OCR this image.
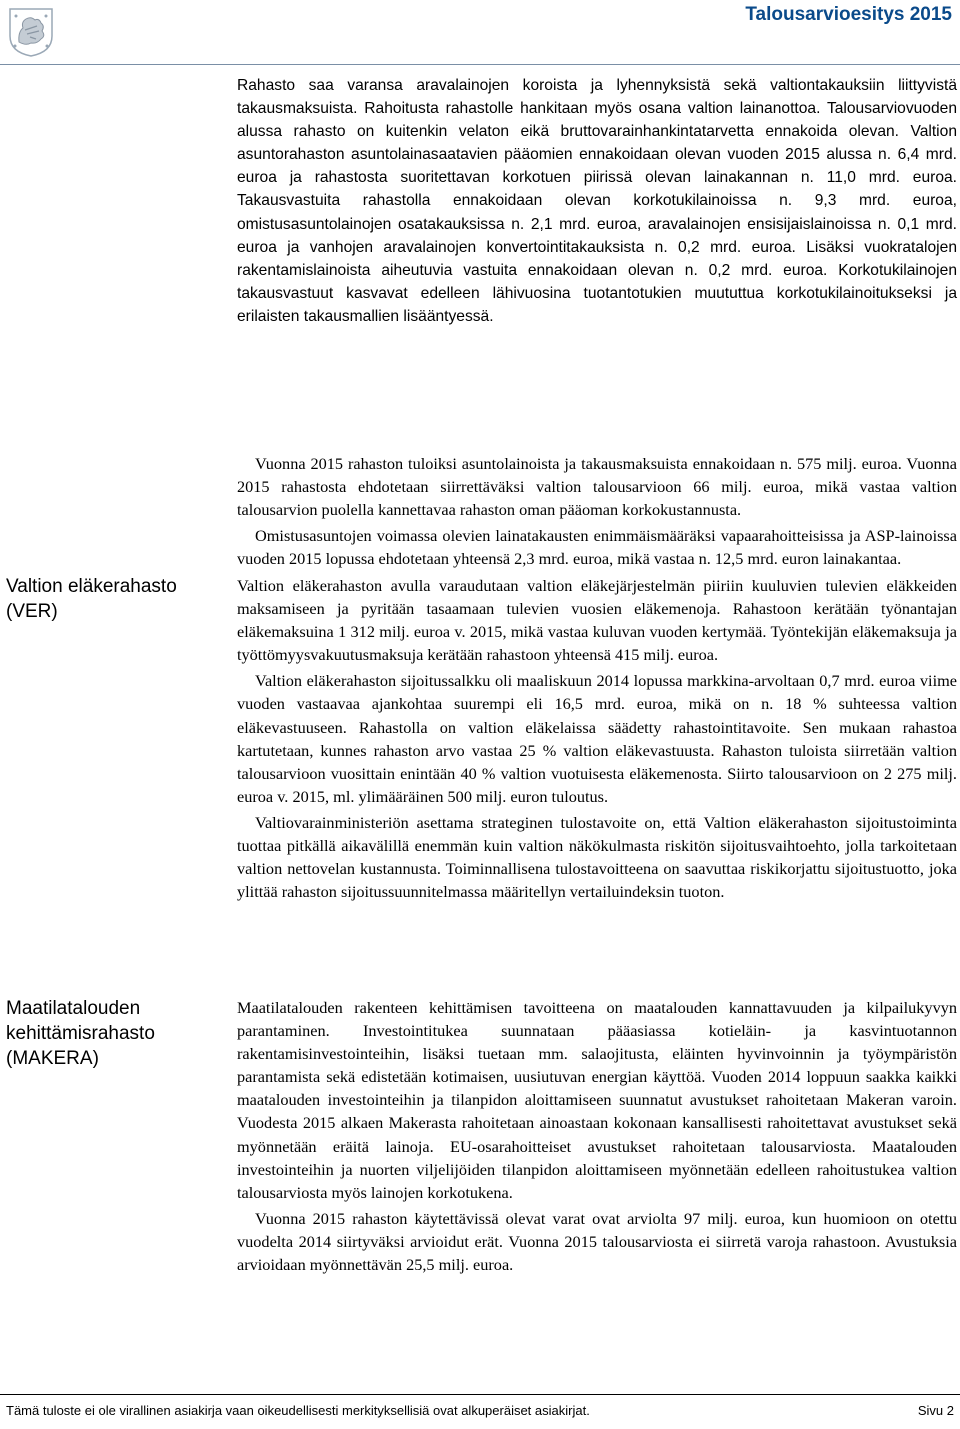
Talousarvioesitys 2015

Rahasto saa varansa aravalainojen koroista ja lyhennyksistä sekä valtiontakauksiin liittyvistä takausmaksuista. Rahoitusta rahastolle hankitaan myös osana valtion lainanottoa. Talousarviovuoden alussa rahasto on kuitenkin velaton eikä bruttovarainhankintatarvetta ennakoida olevan. Valtion asuntorahaston asuntolainasaatavien pääomien ennakoidaan olevan vuoden 2015 alussa n. 6,4 mrd. euroa ja rahastosta suoritettavan korkotuen piirissä olevan lainakannan n. 11,0 mrd. euroa. Takausvastuita rahastolla ennakoidaan olevan korkotukilainoissa n. 9,3 mrd. euroa, omistusasuntolainojen osatakauksissa n. 2,1 mrd. euroa, aravalainojen ensisijaislainoissa n. 0,1 mrd. euroa ja vanhojen aravalainojen konvertointitakauksista n. 0,2 mrd. euroa. Lisäksi vuokratalojen rakentamislainoista aiheutuvia vastuita ennakoidaan olevan n. 0,2 mrd. euroa. Korkotukilainojen takausvastuut kasvavat edelleen lähivuosina tuotantotukien muututtua korkotukilainoitukseksi ja erilaisten takausmallien lisääntyessä.

Vuonna 2015 rahaston tuloiksi asuntolainoista ja takausmaksuista ennakoidaan n. 575 milj. euroa. Vuonna 2015 rahastosta ehdotetaan siirrettäväksi valtion talousarvioon 66 milj. euroa, mikä vastaa valtion talousarvion puolella kannettavaa rahaston oman pääoman korkokustannusta.

Omistusasuntojen voimassa olevien lainatakausten enimmäismääräksi vapaarahoitteisissa ja ASP-lainoissa vuoden 2015 lopussa ehdotetaan yhteensä 2,3 mrd. euroa, mikä vastaa n. 12,5 mrd. euron lainakantaa.

Valtion eläkerahasto (VER)

Valtion eläkerahaston avulla varaudutaan valtion eläkejärjestelmän piiriin kuuluvien tulevien eläkkeiden maksamiseen ja pyritään tasaamaan tulevien vuosien eläkemenoja. Rahastoon kerätään työnantajan eläkemaksuina 1 312 milj. euroa v. 2015, mikä vastaa kuluvan vuoden kertymää. Työntekijän eläkemaksuja ja työttömyysvakuutusmaksuja kerätään rahastoon yhteensä 415 milj. euroa.

Valtion eläkerahaston sijoitussalkku oli maaliskuun 2014 lopussa markkina-arvoltaan 0,7 mrd. euroa viime vuoden vastaavaa ajankohtaa suurempi eli 16,5 mrd. euroa, mikä on n. 18 % suhteessa valtion eläkevastuuseen. Rahastolla on valtion eläkelaissa säädetty rahastointitavoite. Sen mukaan rahastoa kartutetaan, kunnes rahaston arvo vastaa 25 % valtion eläkevastuusta. Rahaston tuloista siirretään valtion talousarvioon vuosittain enintään 40 % valtion vuotuisesta eläkemenosta. Siirto talousarvioon on 2 275 milj. euroa v. 2015, ml. ylimääräinen 500 milj. euron tuloutus.

Valtiovarainministeriön asettama strateginen tulostavoite on, että Valtion eläkerahaston sijoitustoiminta tuottaa pitkällä aikavälillä enemmän kuin valtion näkökulmasta riskitön sijoitusvaihtoehto, jolla tarkoitetaan valtion nettovelan kustannusta. Toiminnallisena tulostavoitteena on saavuttaa riskikorjattu sijoitustuotto, joka ylittää rahaston sijoitussuunnitelmassa määritellyn vertailuindeksin tuoton.

Maatilatalouden kehittämisrahasto (MAKERA)

Maatilatalouden rakenteen kehittämisen tavoitteena on maatalouden kannattavuuden ja kilpailukyvyn parantaminen. Investointitukea suunnataan pääasiassa kotieläin- ja kasvintuotannon rakentamisinvestointeihin, lisäksi tuetaan mm. salaojitusta, eläinten hyvinvoinnin ja työympäristön parantamista sekä edistetään kotimaisen, uusiutuvan energian käyttöä. Vuoden 2014 loppuun saakka kaikki maatalouden investointeihin ja tilanpidon aloittamiseen suunnatut avustukset rahoitetaan Makeran varoin. Vuodesta 2015 alkaen Makerasta rahoitetaan ainoastaan kokonaan kansallisesti rahoitettavat avustukset sekä myönnetään eräitä lainoja. EU-osarahoitteiset avustukset rahoitetaan talousarviosta. Maatalouden investointeihin ja nuorten viljelijöiden tilanpidon aloittamiseen myönnetään edelleen rahoitustukea valtion talousarviosta myös lainojen korkotukena.

Vuonna 2015 rahaston käytettävissä olevat varat ovat arviolta 97 milj. euroa, kun huomioon on otettu vuodelta 2014 siirtyväksi arvioidut erät. Vuonna 2015 talousarviosta ei siirretä varoja rahastoon. Avustuksia arvioidaan myönnettävän 25,5 milj. euroa.

Tämä tuloste ei ole virallinen asiakirja vaan oikeudellisesti merkityksellisiä ovat alkuperäiset asiakirjat.	Sivu 2
